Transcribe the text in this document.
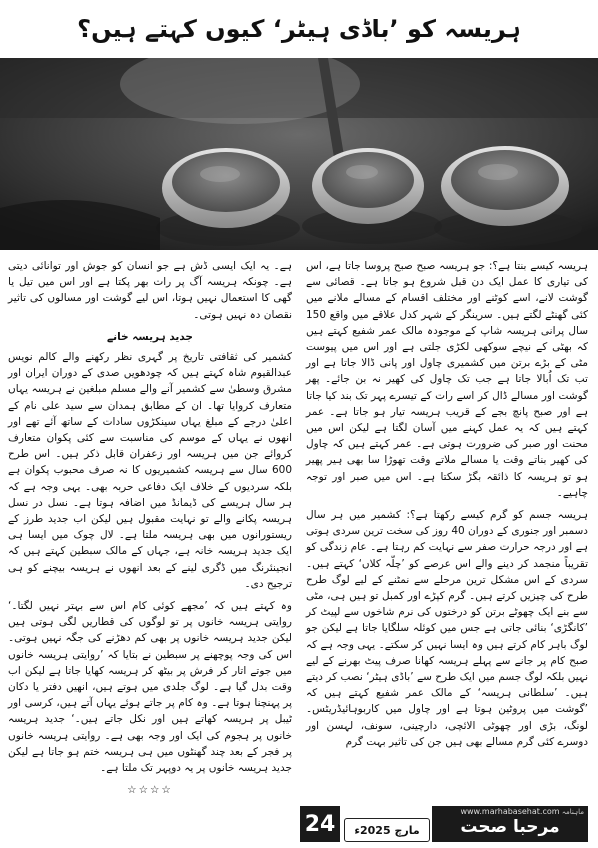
ہریسہ کو ’باڈی ہیٹر‘ کیوں کہتے ہیں؟

ہریسہ کیسے بنتا ہے؟: جو ہریسہ صبح صبح پروسا جاتا ہے، اس کی تیاری کا عمل ایک دن قبل شروع ہو جاتا ہے۔ قصائی سے گوشت لانے، اسے کوٹنے اور مختلف اقسام کے مسالے ملانے میں کئی گھنٹے لگتے ہیں۔ سرینگر کے شہر کدل علاقے میں واقع 150 سال پرانی ہریسہ شاپ کے موجودہ مالک عمر شفیع کہتے ہیں کہ بھٹی کے نیچے سوکھی لکڑی جلتی ہے اور اس میں پیوست مٹی کے بڑے برتن میں کشمیری چاول اور پانی ڈالا جاتا ہے اور تب تک اُبالا جاتا ہے جب تک چاول کی کھیر نہ بن جائے۔ پھر گوشت اور مسالے ڈال کر اسے رات کے تیسرے پہر تک بند کیا جاتا ہے اور صبح پانچ بجے کے قریب ہریسہ تیار ہو جاتا ہے۔ عمر کہتے ہیں کہ یہ عمل کہنے میں آسان لگتا ہے لیکن اس میں محنت اور صبر کی ضرورت ہوتی ہے۔ عمر کہتے ہیں کہ چاول کی کھیر بناتے وقت یا مسالے ملاتے وقت تھوڑا سا بھی ہیر پھیر ہو تو ہریسہ کا ذائقہ بگڑ سکتا ہے۔ اس میں صبر اور توجہ چاہیے۔

ہریسہ جسم کو گرم کیسے رکھتا ہے؟: کشمیر میں ہر سال دسمبر اور جنوری کے دوران 40 روز کی سخت ترین سردی ہوتی ہے اور درجہ حرارت صفر سے نہایت کم رہتا ہے۔ عام زندگی کو تقریباً منجمد کر دینے والے اس عرصے کو ’چلّہ کلاں‘ کہتے ہیں۔ سردی کے اس مشکل ترین مرحلے سے نمٹنے کے لیے لوگ طرح طرح کی چیزیں کرتے ہیں۔ گرم کپڑے اور کمبل تو ہیں ہی، مٹی سے بنے ایک چھوٹے برتن کو درختوں کی نرم شاخوں سے لپیٹ کر ’کانگڑی‘ بنائی جاتی ہے جس میں کوئلہ سلگایا جاتا ہے لیکن جو لوگ باہر کام کرتے ہیں وہ ایسا نہیں کر سکتے۔ یہی وجہ ہے کہ صبح کام پر جانے سے پہلے ہریسہ کھانا صرف پیٹ بھرنے کے لیے نہیں بلکہ لوگ جسم میں ایک طرح سے ’باڈی ہیٹر‘ نصب کر دیتے ہیں۔ ’سلطانی ہریسہ‘ کے مالک عمر شفیع کہتے ہیں کہ ’گوشت میں پروٹین ہوتا ہے اور چاول میں کاربوہائیڈریٹس۔ لونگ، بڑی اور چھوٹی الائچی، دارچینی، سونف، لہسن اور دوسرے کئی گرم مسالے بھی ہیں جن کی تاثیر بہت گرم

ہے۔ یہ ایک ایسی ڈش ہے جو انسان کو جوش اور توانائی دیتی ہے۔ چونکہ ہریسہ آگ پر رات بھر پکتا ہے اور اس میں تیل یا گھی کا استعمال نہیں ہوتا، اس لیے گوشت اور مسالوں کی تاثیر نقصان دہ نہیں ہوتی۔

جدید ہریسہ خانے

کشمیر کی ثقافتی تاریخ پر گہری نظر رکھنے والے کالم نویس عبدالقیوم شاہ کہتے ہیں کہ چودھویں صدی کے دوران ایران اور مشرق وسطیٰ سے کشمیر آنے والے مسلم مبلغین نے ہریسہ یہاں متعارف کروایا تھا۔ ان کے مطابق ہمدان سے سید علی نام کے اعلیٰ درجے کے مبلغ یہاں سینکڑوں سادات کے ساتھ آئے تھے اور انھوں نے یہاں کے موسم کی مناسبت سے کئی پکوان متعارف کروائے جن میں ہریسہ اور زعفران قابل ذکر ہیں۔ اس طرح 600 سال سے ہریسہ کشمیریوں کا نہ صرف محبوب پکوان ہے بلکہ سردیوں کے خلاف ایک دفاعی حربہ بھی۔ یہی وجہ ہے کہ ہر سال ہریسے کی ڈیمانڈ میں اضافہ ہوتا ہے۔ نسل در نسل ہریسہ پکانے والے تو نہایت مقبول ہیں لیکن اب جدید طرز کے ریستورانوں میں بھی ہریسہ ملتا ہے۔ لال چوک میں ایسا ہی ایک جدید ہریسہ خانہ ہے، جہاں کے مالک سبطین کہتے ہیں کہ انجینئرنگ میں ڈگری لینے کے بعد انھوں نے ہریسہ بیچنے کو ہی ترجیح دی۔

وہ کہتے ہیں کہ ’مجھے کوئی کام اس سے بہتر نہیں لگتا۔‘ روایتی ہریسہ خانوں پر تو لوگوں کی قطاریں لگی ہوتی ہیں لیکن جدید ہریسہ خانوں پر بھی کم دھڑنے کی جگہ نہیں ہوتی۔ اس کی وجہ پوچھنے پر سبطین نے بتایا کہ ’روایتی ہریسہ خانوں میں جوتے اتار کر فرش پر بیٹھ کر ہریسہ کھایا جاتا ہے لیکن اب وقت بدل گیا ہے۔ لوگ جلدی میں ہوتے ہیں، انھیں دفتر یا دکان پر پہنچنا ہوتا ہے۔ وہ کام پر جاتے ہوئے یہاں آتے ہیں، کرسی اور ٹیبل پر ہریسہ کھاتے ہیں اور نکل جاتے ہیں۔‘ جدید ہریسہ خانوں پر ہجوم کی ایک اور وجہ بھی ہے۔ روایتی ہریسہ خانوں پر فجر کے بعد چند گھنٹوں میں ہی ہریسہ ختم ہو جاتا ہے لیکن جدید ہریسہ خانوں پر یہ دوپہر تک ملتا ہے۔

☆☆☆☆
24	مارچ 2025ء
www.marhabasehat.com ماہنامہ
مرحبا صحت
